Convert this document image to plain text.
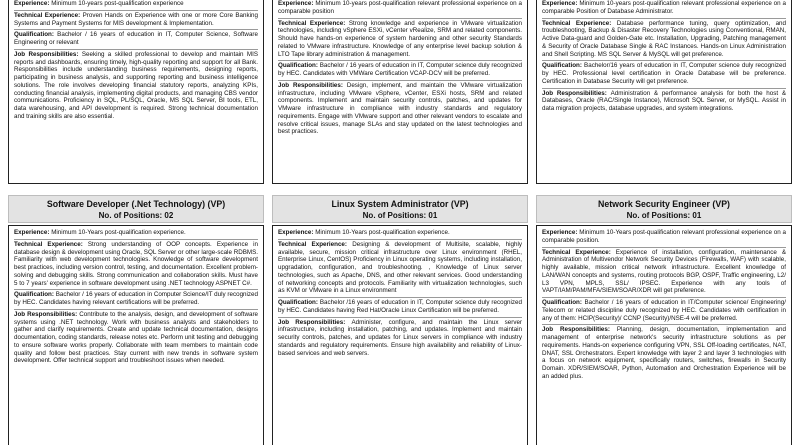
Experience : Minimum 10-years post-qualification experience
Technical Experience : Proven Hands on Experience with one or more Core Banking Systems and Payment Systems for MIS development & Implementation.
Qualification : Bachelor / 16 years of education in IT, Computer Science, Software Engineering or relevant
Job Responsibilities : Seeking a skilled professional to develop and maintain MIS reports and dashboards, ensuring timely, high-quality reporting and support for all Bank. Responsibilities include understanding business requirements, designing reports, participating in business analysis, and supporting reporting and business intelligence solutions. The role involves developing financial statutory reports, analyzing KPIs, conducting financial analysis, implementing digital products, and managing CBS vendor communications. Proficiency in SQL, PL/SQL, Oracle, MS SQL Server, BI tools, ETL, data warehousing, and API development is required. Strong technical documentation and training skills are also essential.
Experience : Minimum 10-years post-qualification relevant professional experience on a comparable position
Technical Experience : Strong knowledge and experience in VMware virtualization technologies, including vSphere ESXi, vCenter vRealize, SRM and related components. Should have hands-on experience of system hardening and other security Standards related to VMware infrastructure. Knowledge of any enterprise level backup solution & LTO Tape library administration & management.
Qualification : Bachelor / 16 years of education in IT, Computer science duly recognized by HEC. Candidates with VMWare Certification VCAP-DCV will be preferred.
Job Responsibilities : Design, implement, and maintain the VMware virtualization infrastructure, including VMware vSphere, vCenter, ESXi hosts, SRM and related components. Implement and maintain security controls, patches, and updates for VMware infrastructure in compliance with industry standards and regulatory requirements. Engage with VMware support and other relevant vendors to escalate and resolve critical issues, manage SLAs and stay updated on the latest technologies and best practices.
Experience : Minimum 10-years post-qualification relevant professional experience on a comparable Position of Database Administrator.
Technical Experience : Database performance tuning, query optimization, and troubleshooting, Backup & Disaster Recovery Technologies using Conventional, RMAN, Active Data-guard and Golden-Gate etc. Installation, Upgrading, Patching management & Security of Oracle Database Single & RAC Instances. Hands-on Linux Administration and Shell Scripting. MS SQL Server & MySQL will get preference.
Qualification : Bachelor/16 years of education in IT, Computer science duly recognized by HEC. Professional level certification in Oracle Database will be preference. Certification in Database Security will get preference.
Job Responsibilities : Administration & performance analysis for both the host & Databases, Oracle (RAC/Single Instance), Microsoft SQL Server, or MySQL. Assist in data migration projects, database upgrades, and system integrations.
Software Developer (.Net Technology) (VP)
No. of Positions: 02
Linux System Administrator (VP)
No. of Positions: 01
Network Security Engineer (VP)
No. of Positions: 01
Experience : Minimum 10-Years post-qualification experience.
Technical Experience : Strong understanding of OOP concepts. Experience in database design & development using Oracle, SQL Server or other large-scale RDBMS. Familiarity with web development technologies. Knowledge of software development best practices, including version control, testing, and documentation. Excellent problem-solving and debugging skills. Strong communication and collaboration skills. Must have 5 to 7 years' experience in software development using .NET technology ASPNET C#.
Qualification : Bachelor / 16 years of education in Computer Science/IT duly recognized by HEC. Candidates having relevant certifications will be preferred.
Job Responsibilities : Contribute to the analysis, design, and development of software systems using .NET technology. Work with business analysts and stakeholders to gather and clarify requirements. Create and update technical documentation, designs documentation, coding standards, release notes etc. Perform unit testing and debugging to ensure software works properly. Collaborate with team members to maintain code quality and follow best practices. Stay current with new trends in software system development. Offer technical support and troubleshoot issues when needed.
Experience : Minimum 10-Years post-qualification experience.
Technical Experience : Designing & development of Multisite, scalable, highly available, secure, mission critical infrastructure over Linux environment (RHEL, Enterprise Linux, CentOS) Proficiency in Linux operating systems, including installation, upgradation, configuration, and troubleshooting. , Knowledge of Linux server technologies, such as Apache, DNS, and other relevant services. Good understanding of networking concepts and protocols. Familiarity with virtualization technologies, such as KVM or VMware in a Linux environment
Qualification : Bachelor /16 years of education in IT, Computer science duly recognized by HEC. Candidates having Red Hat/Oracle Linux Certification will be preferred.
Job Responsibilities : Administer, configure, and maintain the Linux server infrastructure, including installation, patching, and updates. Implement and maintain security controls, patches, and updates for Linux servers in compliance with industry standards and regulatory requirements. Ensure high availability and reliability of Linux-based services and web servers.
Experience : Minimum 10-Years post-qualification relevant professional experience on a comparable position.
Technical Experience : Experience of installation, configuration, maintenance & Administration of Multivendor Network Security Devices (Firewalls, WAF) with scalable, highly available, mission critical network infrastructure. Excellent knowledge of LAN/WAN concepts and systems, routing protocols BGP, OSPF, Traffic engineering, L2/ L3 VPN, MPLS, SSL/ IPSEC. Experience with any tools of VAPT/IAM/PAM/MFA/SIEM/SOAR/XDR will get preference.
Qualification : Bachelor / 16 years of education in IT/Computer science/ Engineering/ Telecom or related discipline duly recognized by HEC. Candidates with certification in any of them: HCIP(Security)/ CCNP (Security)/NSE-4 will be preferred.
Job Responsibilities : Planning, design, documentation, implementation and management of enterprise network's security infrastructure solutions as per requirements. Hands-on experience configuring VPN, SSL Off-loading certificates, NAT, DNAT, SSL Orchestrators. Expert knowledge with layer 2 and layer 3 technologies with a focus on network equipment, specifically routers, switches, firewalls in Security Domain. XDR/SIEM/SOAR, Python, Automation and Orchestration Experience will be an added plus.
